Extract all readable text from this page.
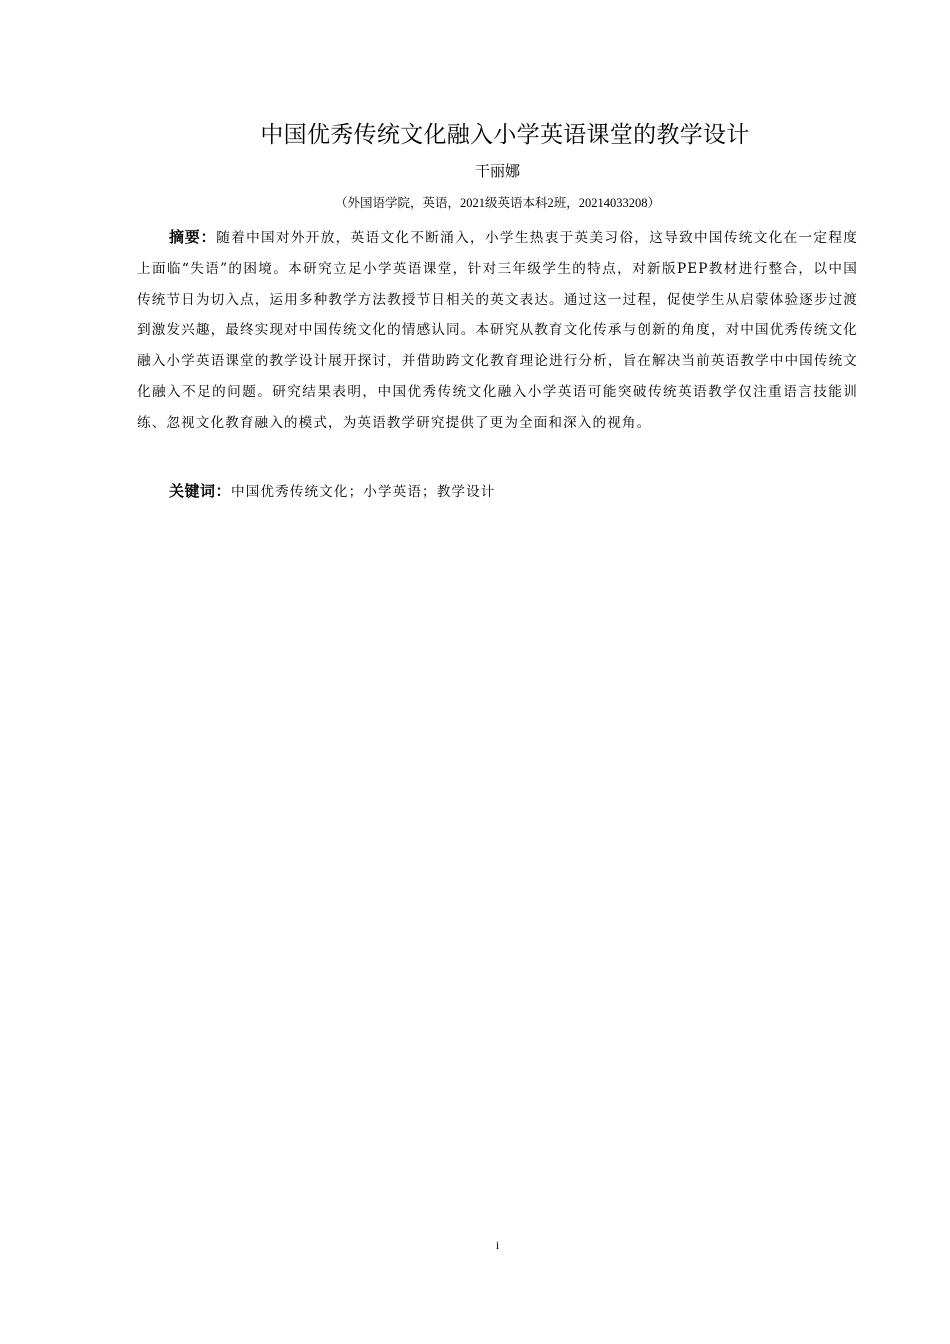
中国优秀传统文化融入小学英语课堂的教学设计
干丽娜
（外国语学院，英语，2021级英语本科2班，20214033208）

摘要：随着中国对外开放，英语文化不断涌入，小学生热衷于英美习俗，这导致中国传统文化在一定程度上面临“失语”的困境。本研究立足小学英语课堂，针对三年级学生的特点，对新版PEP教材进行整合，以中国传统节日为切入点，运用多种教学方法教授节日相关的英文表达。通过这一过程，促使学生从启蒙体验逐步过渡到激发兴趣，最终实现对中国传统文化的情感认同。本研究从教育文化传承与创新的角度，对中国优秀传统文化融入小学英语课堂的教学设计展开探讨，并借助跨文化教育理论进行分析，旨在解决当前英语教学中中国传统文化融入不足的问题。研究结果表明，中国优秀传统文化融入小学英语可能突破传统英语教学仅注重语言技能训练、忽视文化教育融入的模式，为英语教学研究提供了更为全面和深入的视角。

关键词：中国优秀传统文化；小学英语；教学设计
i
